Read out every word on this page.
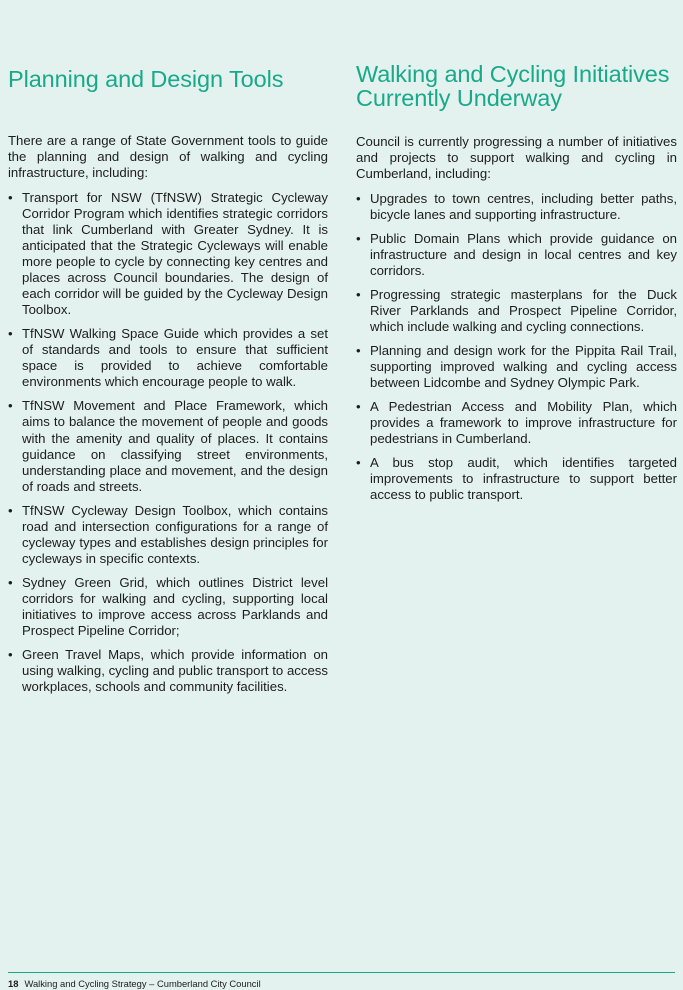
Planning and Design Tools

There are a range of State Government tools to guide the planning and design of walking and cycling infrastructure, including:

• Transport for NSW (TfNSW) Strategic Cycleway Corridor Program which identifies strategic corridors that link Cumberland with Greater Sydney. It is anticipated that the Strategic Cycleways will enable more people to cycle by connecting key centres and places across Council boundaries. The design of each corridor will be guided by the Cycleway Design Toolbox.
• TfNSW Walking Space Guide which provides a set of standards and tools to ensure that sufficient space is provided to achieve comfortable environments which encourage people to walk.
• TfNSW Movement and Place Framework, which aims to balance the movement of people and goods with the amenity and quality of places. It contains guidance on classifying street environments, understanding place and movement, and the design of roads and streets.
• TfNSW Cycleway Design Toolbox, which contains road and intersection configurations for a range of cycleway types and establishes design principles for cycleways in specific contexts.
• Sydney Green Grid, which outlines District level corridors for walking and cycling, supporting local initiatives to improve access across Parklands and Prospect Pipeline Corridor;
• Green Travel Maps, which provide information on using walking, cycling and public transport to access workplaces, schools and community facilities.
Walking and Cycling Initiatives
Currently Underway

Council is currently progressing a number of initiatives and projects to support walking and cycling in Cumberland, including:

• Upgrades to town centres, including better paths, bicycle lanes and supporting infrastructure.
• Public Domain Plans which provide guidance on infrastructure and design in local centres and key corridors.
• Progressing strategic masterplans for the Duck River Parklands and Prospect Pipeline Corridor, which include walking and cycling connections.
• Planning and design work for the Pippita Rail Trail, supporting improved walking and cycling access between Lidcombe and Sydney Olympic Park.
• A Pedestrian Access and Mobility Plan, which provides a framework to improve infrastructure for pedestrians in Cumberland.
• A bus stop audit, which identifies targeted improvements to infrastructure to support better access to public transport.
18 Walking and Cycling Strategy – Cumberland City Council
